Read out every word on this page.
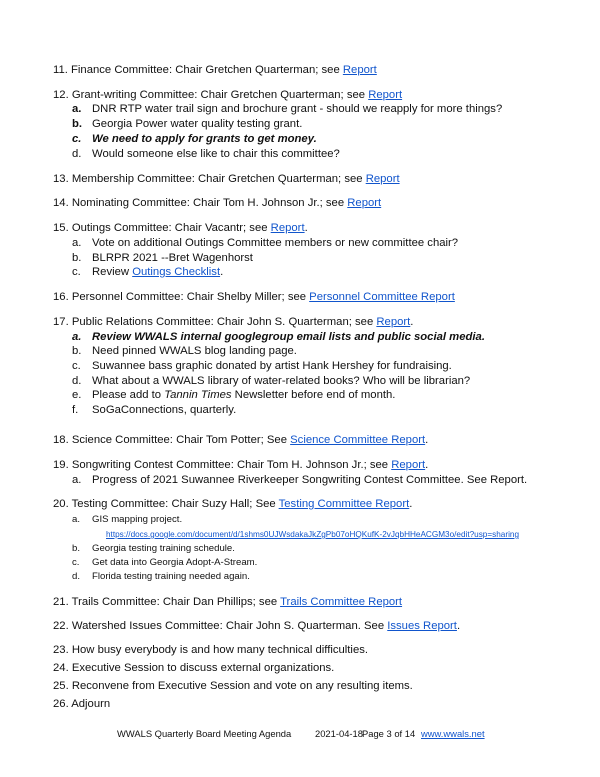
11. Finance Committee: Chair Gretchen Quarterman; see Report
12. Grant-writing Committee: Chair Gretchen Quarterman; see Report
a. DNR RTP water trail sign and brochure grant - should we reapply for more things?
b. Georgia Power water quality testing grant.
c. We need to apply for grants to get money.
d. Would someone else like to chair this committee?
13. Membership Committee: Chair Gretchen Quarterman; see Report
14. Nominating Committee: Chair Tom H. Johnson Jr.; see Report
15. Outings Committee: Chair Vacantr; see Report.
a. Vote on additional Outings Committee members or new committee chair?
b. BLRPR 2021 --Bret Wagenhorst
c. Review Outings Checklist.
16. Personnel Committee: Chair Shelby Miller; see Personnel Committee Report
17. Public Relations Committee: Chair John S. Quarterman; see Report.
a. Review WWALS internal googlegroup email lists and public social media.
b. Need pinned WWALS blog landing page.
c. Suwannee bass graphic donated by artist Hank Hershey for fundraising.
d. What about a WWALS library of water-related books? Who will be librarian?
e. Please add to Tannin Times Newsletter before end of month.
f.	SoGaConnections, quarterly.
18. Science Committee: Chair Tom Potter; See Science Committee Report.
19. Songwriting Contest Committee: Chair Tom H. Johnson Jr.; see Report.
a. Progress of 2021 Suwannee Riverkeeper Songwriting Contest Committee. See Report.
20. Testing Committee: Chair Suzy Hall; See Testing Committee Report.
a.	GIS mapping project.
https://docs.google.com/document/d/1shms0UJWsdakaJkZgPb07oHQKufK-2vJqbHHeACGM3o/edit?usp=sharing
b.	Georgia testing training schedule.
c.	Get data into Georgia Adopt-A-Stream.
d.	Florida testing training needed again.
21. Trails Committee: Chair Dan Phillips; see Trails Committee Report
22. Watershed Issues Committee: Chair John S. Quarterman. See Issues Report.
23. How busy everybody is and how many technical difficulties.
24. Executive Session to discuss external organizations.
25. Reconvene from Executive Session and vote on any resulting items.
26. Adjourn
WWALS Quarterly Board Meeting Agenda	2021-04-18 Page 3 of 14 www.wwals.net
